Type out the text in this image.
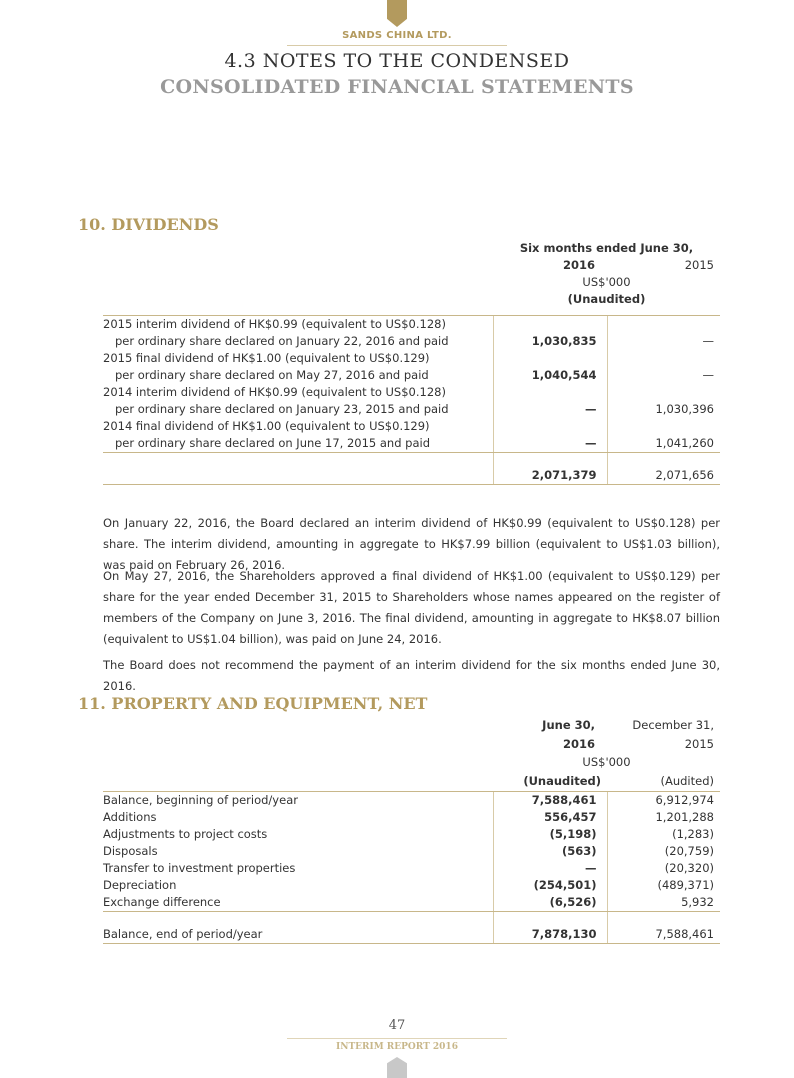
SANDS CHINA LTD.
4.3 NOTES TO THE CONDENSED
CONSOLIDATED FINANCIAL STATEMENTS
10. DIVIDENDS
Six months ended June 30,
2016	2015
US$'000
(Unaudited)
2015 interim dividend of HK$0.99 (equivalent to US$0.128)		
per ordinary share declared on January 22, 2016 and paid	1,030,835	—
2015 final dividend of HK$1.00 (equivalent to US$0.129)		
per ordinary share declared on May 27, 2016 and paid	1,040,544	—
2014 interim dividend of HK$0.99 (equivalent to US$0.128)		
per ordinary share declared on January 23, 2015 and paid	—	1,030,396
2014 final dividend of HK$1.00 (equivalent to US$0.129)		
per ordinary share declared on June 17, 2015 and paid	—	1,041,260

	2,071,379	2,071,656

On January 22, 2016, the Board declared an interim dividend of HK$0.99 (equivalent to US$0.128) per share. The interim dividend, amounting in aggregate to HK$7.99 billion (equivalent to US$1.03 billion), was paid on February 26, 2016.

On May 27, 2016, the Shareholders approved a final dividend of HK$1.00 (equivalent to US$0.129) per share for the year ended December 31, 2015 to Shareholders whose names appeared on the register of members of the Company on June 3, 2016. The final dividend, amounting in aggregate to HK$8.07 billion (equivalent to US$1.04 billion), was paid on June 24, 2016.

The Board does not recommend the payment of an interim dividend for the six months ended June 30, 2016.

11. PROPERTY AND EQUIPMENT, NET
June 30,	December 31,
2016	2015
US$'000
(Unaudited)	(Audited)
Balance, beginning of period/year	7,588,461	6,912,974
Additions	556,457	1,201,288
Adjustments to project costs	(5,198)	(1,283)
Disposals	(563)	(20,759)
Transfer to investment properties	—	(20,320)
Depreciation	(254,501)	(489,371)
Exchange difference	(6,526)	5,932

Balance, end of period/year	7,878,130	7,588,461
47
INTERIM REPORT 2016
